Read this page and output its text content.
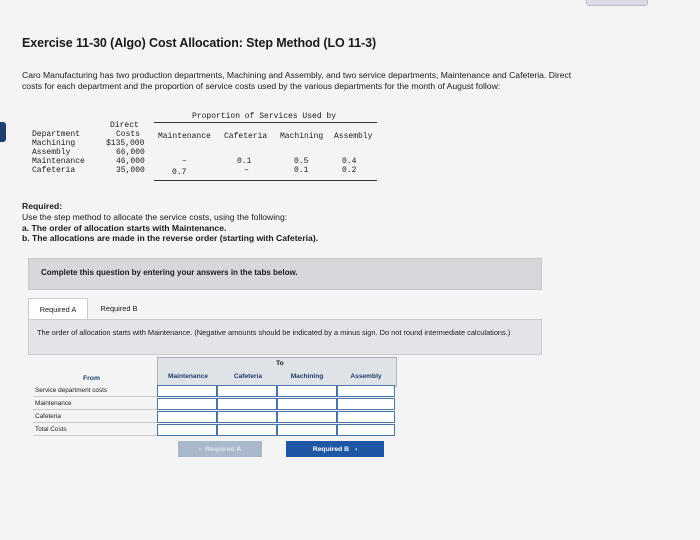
Exercise 11-30 (Algo) Cost Allocation: Step Method (LO 11-3)

Caro Manufacturing has two production departments, Machining and Assembly, and two service departments, Maintenance and Cafeteria. Direct costs for each department and the proportion of service costs used by the various departments for the month of August follow:

Proportion of Services Used by
Direct
Department	Costs Maintenance Cafeteria Machining Assembly
Machining	$135,000
Assembly	66,000
Maintenance	46,000	–	0.1	0.5	0.4
Cafeteria	35,000	0.7	–	0.1	0.2
Required:
Use the step method to allocate the service costs, using the following:
a. The order of allocation starts with Maintenance.
b. The allocations are made in the reverse order (starting with Cafeteria).
Complete this question by entering your answers in the tabs below.
Required A	Required B

The order of allocation starts with Maintenance. (Negative amounts should be indicated by a minus sign. Do not round intermediate calculations.)

To
Maintenance	Cafeteria	Machining	Assembly
From
Service department costs
Maintenance
Cafeteria
Total Costs
‹ Required A	Required B ›
